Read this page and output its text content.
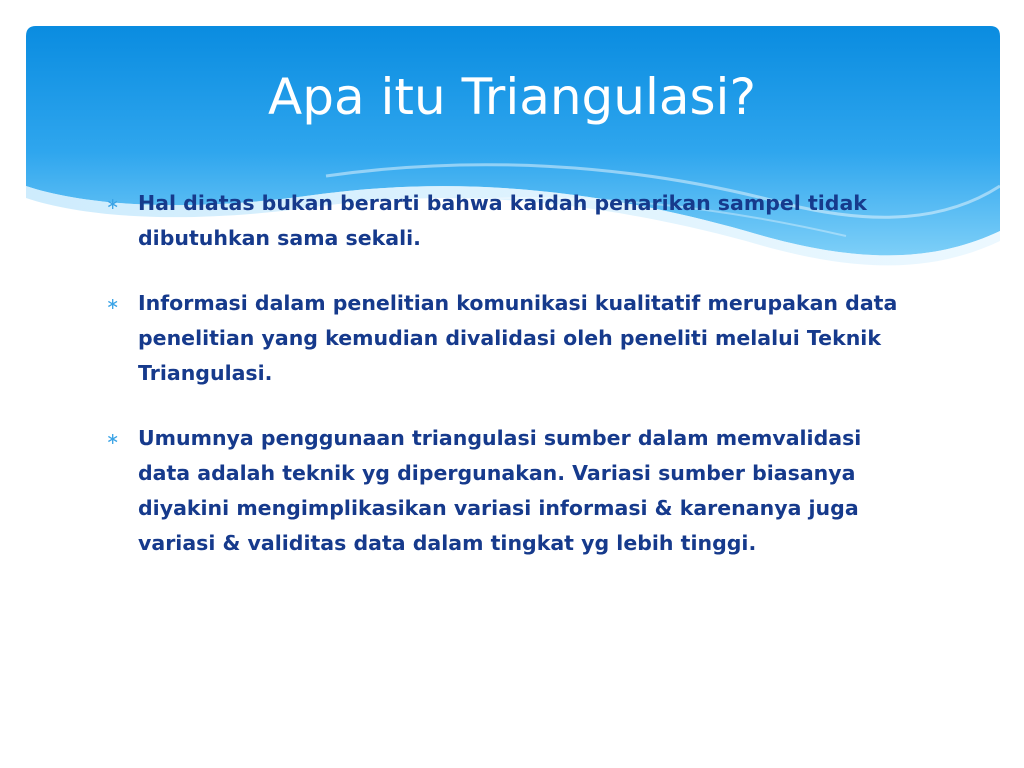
Apa itu Triangulasi?
∗ Hal diatas bukan berarti bahwa kaidah penarikan sampel tidak dibutuhkan sama sekali.
∗ Informasi dalam penelitian komunikasi kualitatif merupakan data penelitian yang kemudian divalidasi oleh peneliti melalui Teknik Triangulasi.
∗ Umumnya penggunaan triangulasi sumber dalam memvalidasi data adalah teknik yg dipergunakan. Variasi sumber biasanya diyakini mengimplikasikan variasi informasi & karenanya juga variasi & validitas data dalam tingkat yg lebih tinggi.
